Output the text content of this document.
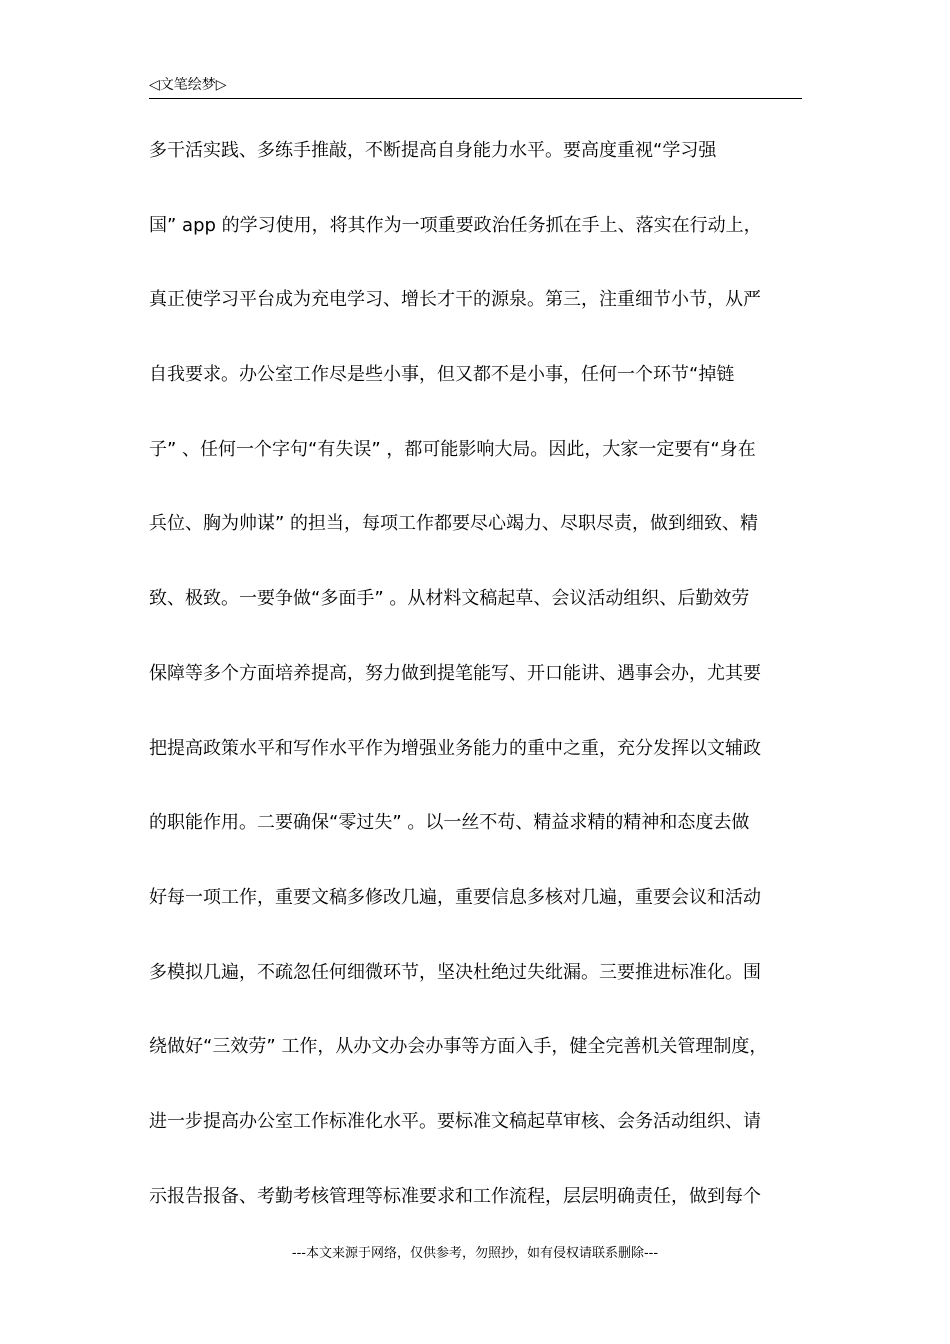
◁文笔绘梦▷
多干活实践、多练手推敲，不断提高自身能力水平。要高度重视“学习强
国” app 的学习使用，将其作为一项重要政治任务抓在手上、落实在行动上，
真正使学习平台成为充电学习、增长才干的源泉。第三，注重细节小节，从严
自我要求。办公室工作尽是些小事，但又都不是小事，任何一个环节“掉链
子” 、任何一个字句“有失误” ，都可能影响大局。因此，大家一定要有“身在
兵位、胸为帅谋” 的担当，每项工作都要尽心竭力、尽职尽责，做到细致、精
致、极致。一要争做“多面手” 。从材料文稿起草、会议活动组织、后勤效劳
保障等多个方面培养提高，努力做到提笔能写、开口能讲、遇事会办，尤其要
把提高政策水平和写作水平作为增强业务能力的重中之重，充分发挥以文辅政
的职能作用。二要确保“零过失” 。以一丝不苟、精益求精的精神和态度去做
好每一项工作，重要文稿多修改几遍，重要信息多核对几遍，重要会议和活动
多模拟几遍，不疏忽任何细微环节，坚决杜绝过失纰漏。三要推进标准化。围
绕做好“三效劳” 工作，从办文办会办事等方面入手，健全完善机关管理制度，
进一步提高办公室工作标准化水平。要标准文稿起草审核、会务活动组织、请
示报告报备、考勤考核管理等标准要求和工作流程，层层明确责任，做到每个
---本文来源于网络，仅供参考，勿照抄，如有侵权请联系删除---
